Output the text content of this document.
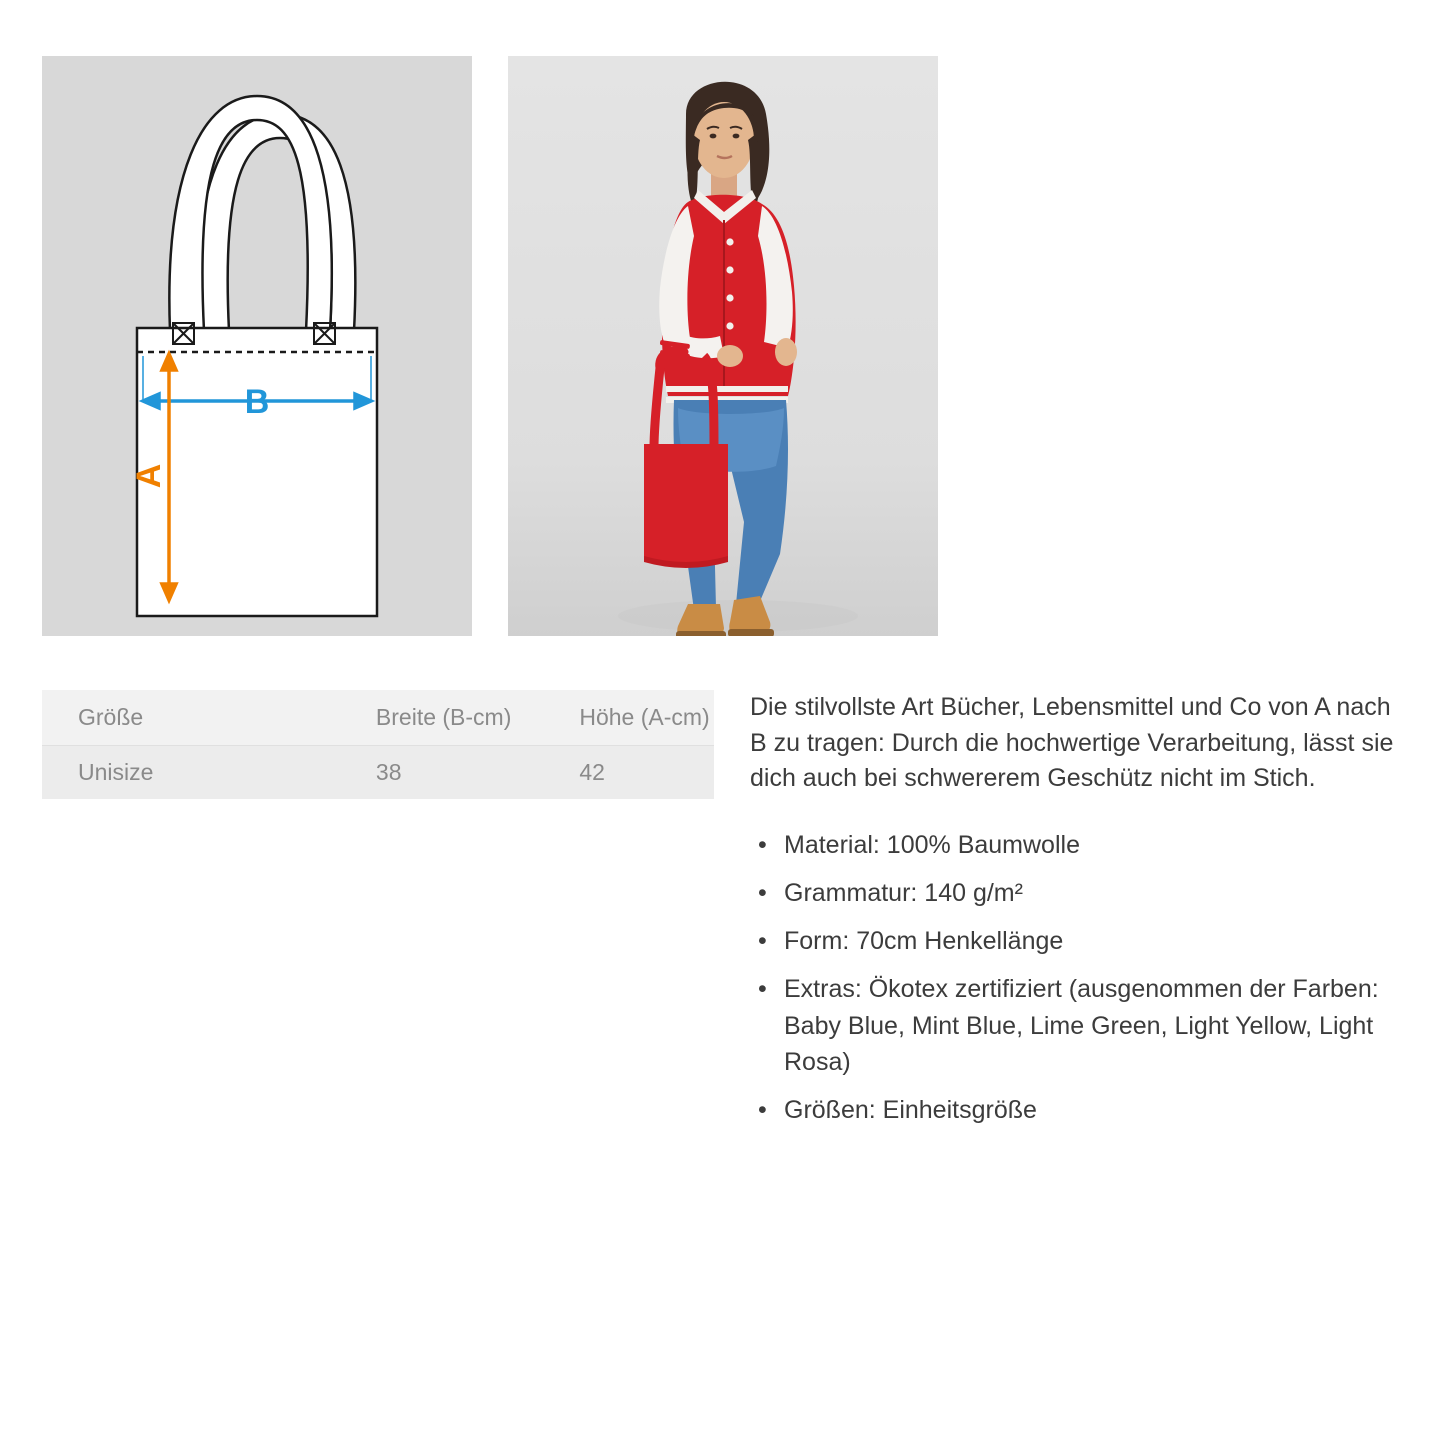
B
A
Größe	Breite (B-cm)	Höhe (A-cm)
Unisize	38	42

Die stilvollste Art Bücher, Lebensmittel und Co von A nach B zu tragen: Durch die hochwertige Verarbeitung, lässt sie dich auch bei schwererem Geschütz nicht im Stich.

• Material: 100% Baumwolle
• Grammatur: 140 g/m²
• Form: 70cm Henkellänge
• Extras: Ökotex zertifiziert (ausgenommen der Farben: Baby Blue, Mint Blue, Lime Green, Light Yellow, Light Rosa)
• Größen: Einheitsgröße
